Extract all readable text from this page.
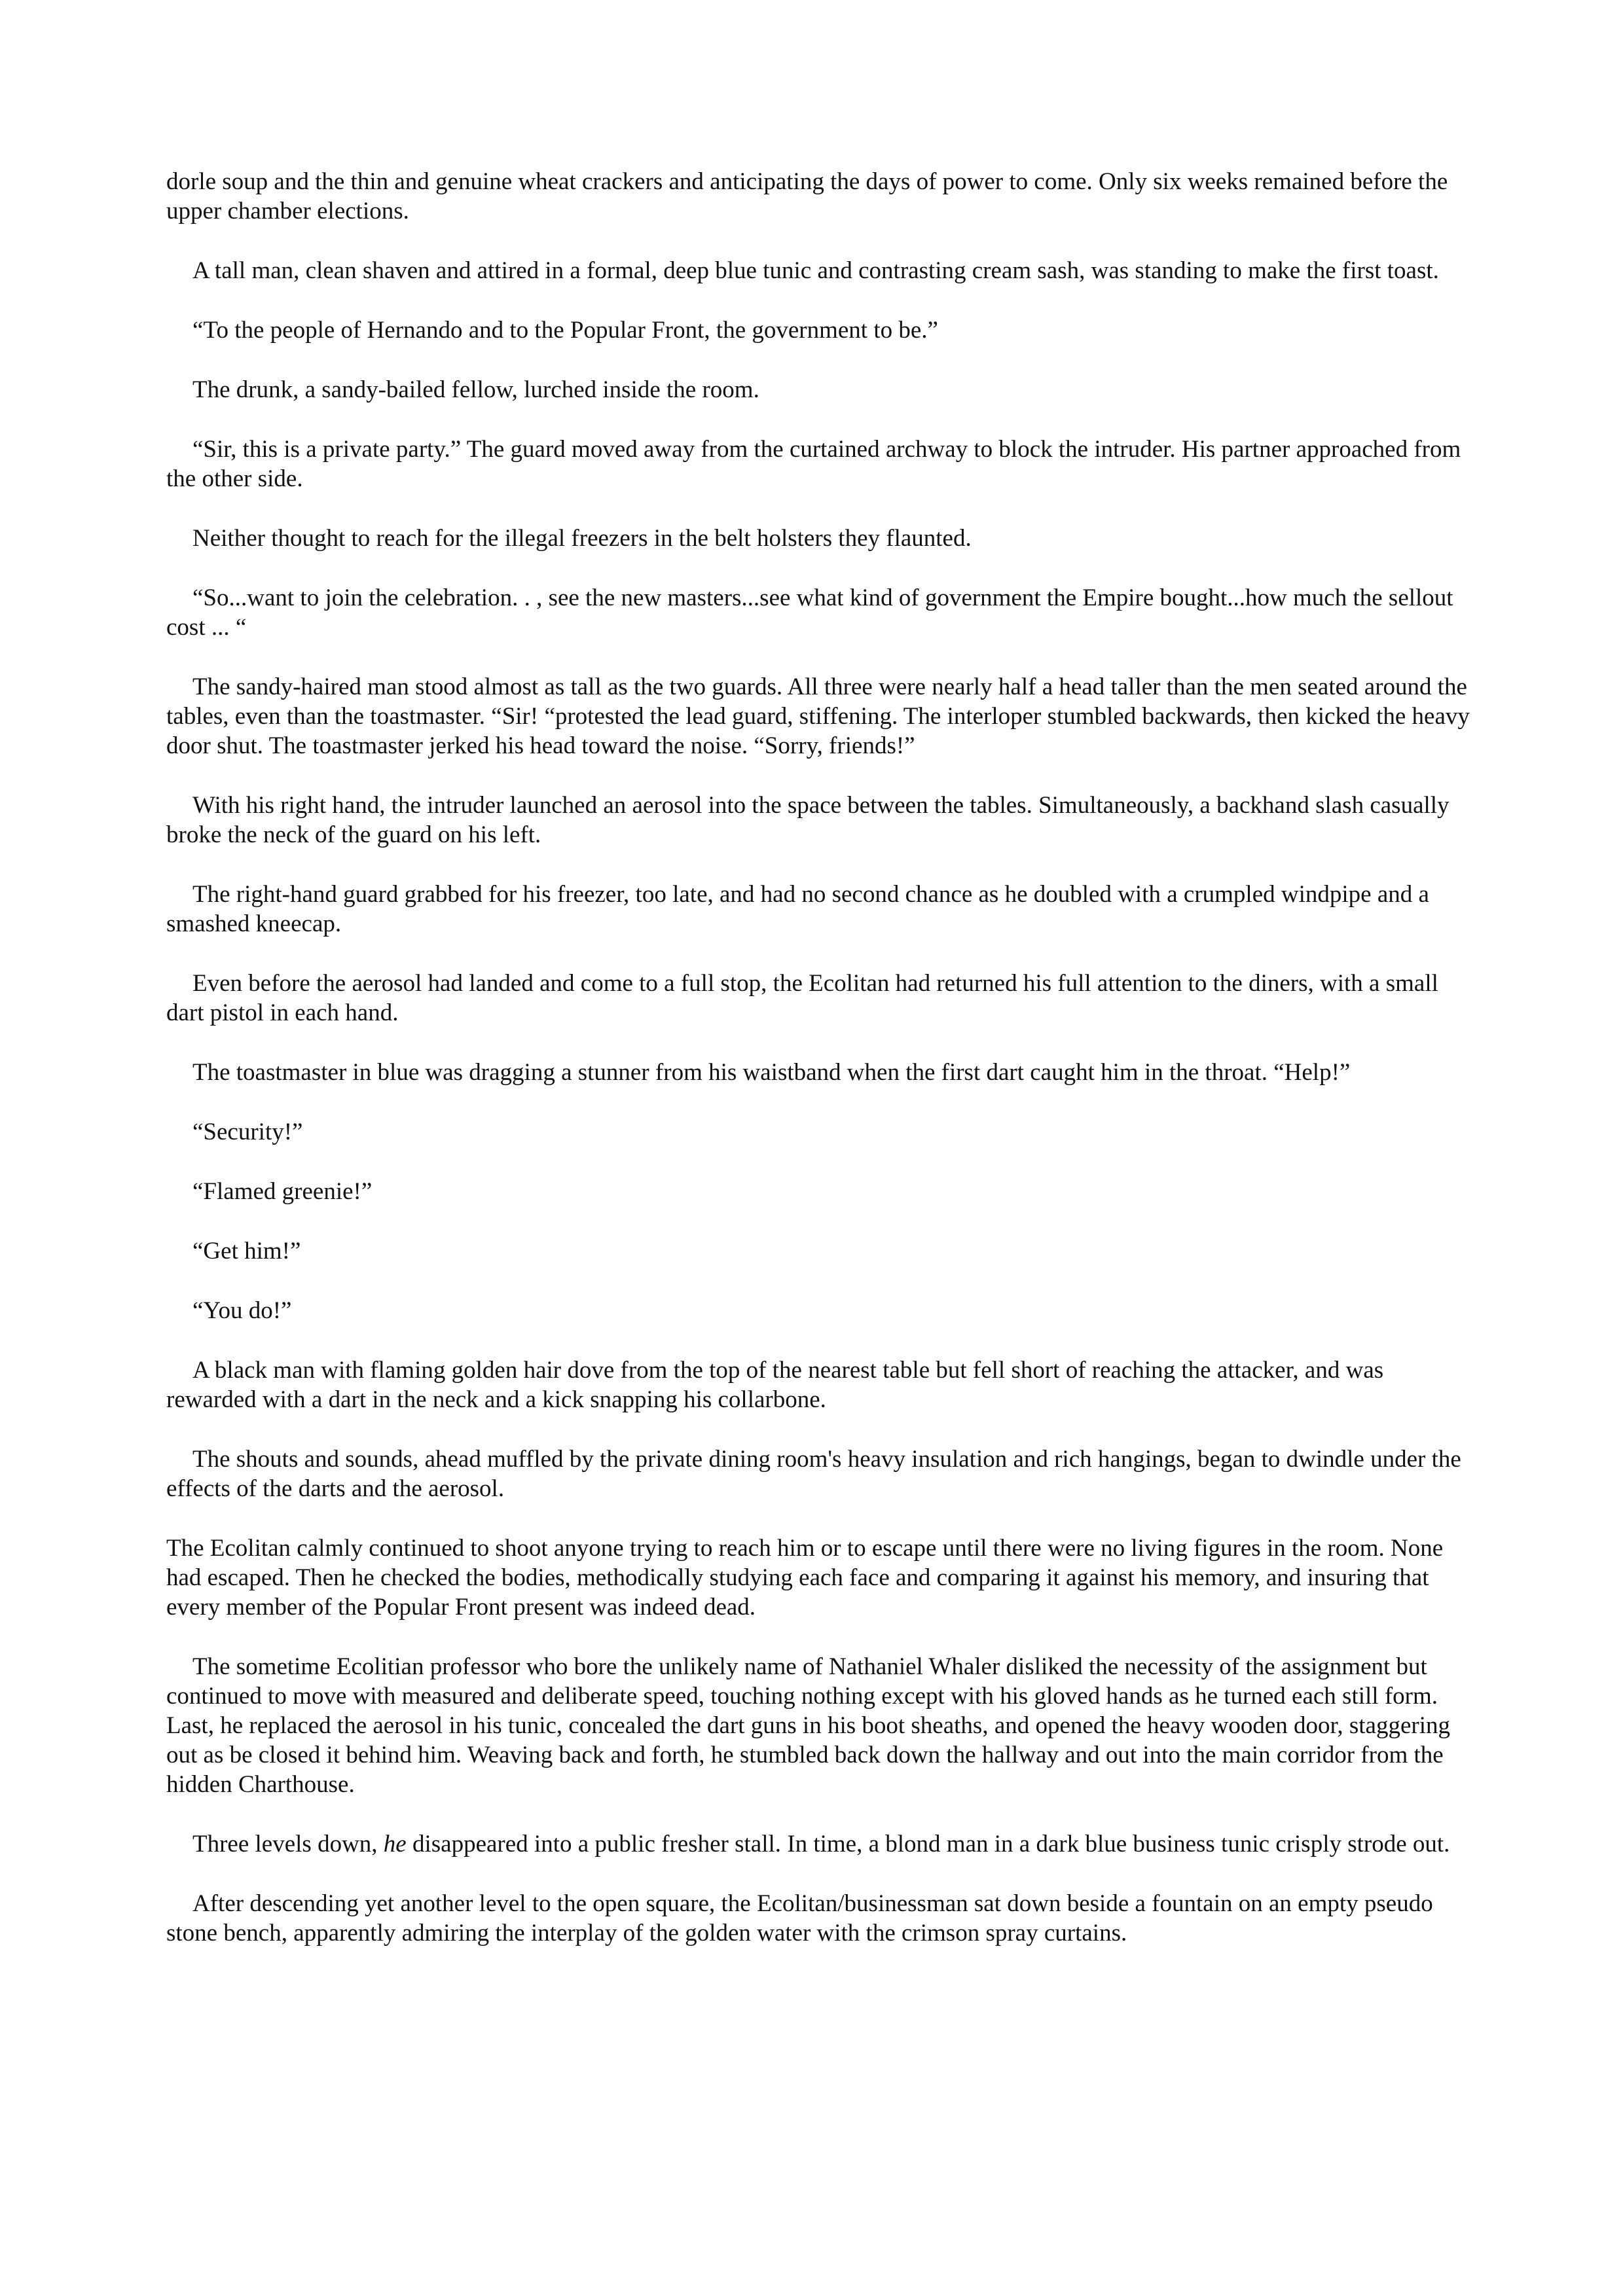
dorle soup and the thin and genuine wheat crackers and anticipating the days of power to come. Only six weeks remained before the upper chamber elections.

A tall man, clean shaven and attired in a formal, deep blue tunic and contrasting cream sash, was standing to make the first toast.

“To the people of Hernando and to the Popular Front, the government to be.”

The drunk, a sandy-bailed fellow, lurched inside the room.

“Sir, this is a private party.” The guard moved away from the curtained archway to block the intruder. His partner approached from the other side.

Neither thought to reach for the illegal freezers in the belt holsters they flaunted.

“So...want to join the celebration. . , see the new masters...see what kind of government the Empire bought...how much the sellout cost ... “

The sandy-haired man stood almost as tall as the two guards. All three were nearly half a head taller than the men seated around the tables, even than the toastmaster. “Sir! “protested the lead guard, stiffening. The interloper stumbled backwards, then kicked the heavy door shut. The toastmaster jerked his head toward the noise. “Sorry, friends!”

With his right hand, the intruder launched an aerosol into the space between the tables. Simultaneously, a backhand slash casually broke the neck of the guard on his left.

The right-hand guard grabbed for his freezer, too late, and had no second chance as he doubled with a crumpled windpipe and a smashed kneecap.

Even before the aerosol had landed and come to a full stop, the Ecolitan had returned his full attention to the diners, with a small dart pistol in each hand.

The toastmaster in blue was dragging a stunner from his waistband when the first dart caught him in the throat. “Help!”

“Security!”

“Flamed greenie!”

“Get him!”

“You do!”

A black man with flaming golden hair dove from the top of the nearest table but fell short of reaching the attacker, and was rewarded with a dart in the neck and a kick snapping his collarbone.

The shouts and sounds, ahead muffled by the private dining room's heavy insulation and rich hangings, began to dwindle under the effects of the darts and the aerosol.

The Ecolitan calmly continued to shoot anyone trying to reach him or to escape until there were no living figures in the room. None had escaped. Then he checked the bodies, methodically studying each face and comparing it against his memory, and insuring that every member of the Popular Front present was indeed dead.

The sometime Ecolitian professor who bore the unlikely name of Nathaniel Whaler disliked the necessity of the assignment but continued to move with measured and deliberate speed, touching nothing except with his gloved hands as he turned each still form. Last, he replaced the aerosol in his tunic, concealed the dart guns in his boot sheaths, and opened the heavy wooden door, staggering out as be closed it behind him. Weaving back and forth, he stumbled back down the hallway and out into the main corridor from the hidden Charthouse.

Three levels down, he disappeared into a public fresher stall. In time, a blond man in a dark blue business tunic crisply strode out.

After descending yet another level to the open square, the Ecolitan/businessman sat down beside a fountain on an empty pseudo stone bench, apparently admiring the interplay of the golden water with the crimson spray curtains.
